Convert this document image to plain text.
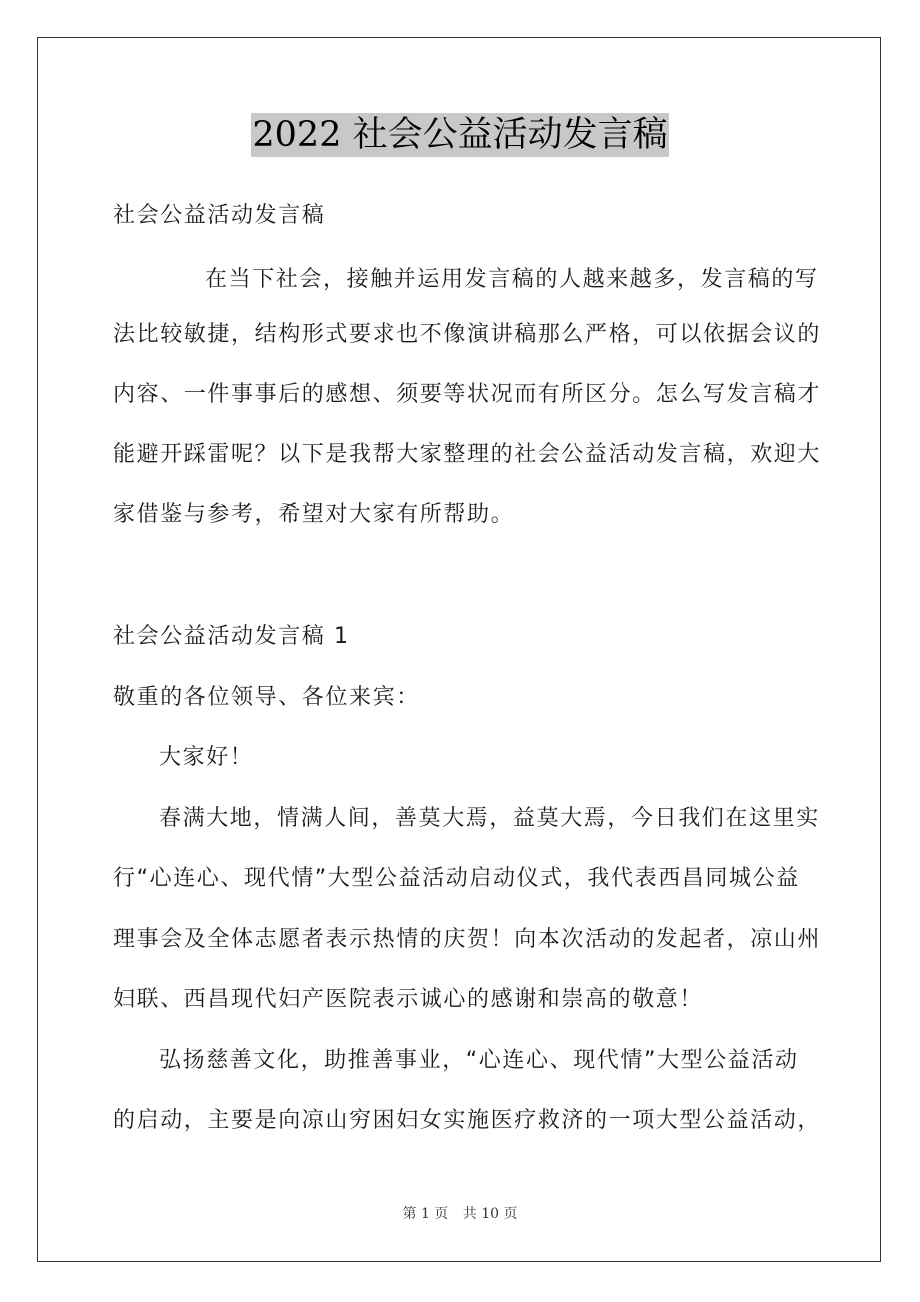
2022 社会公益活动发言稿
社会公益活动发言稿
在当下社会，接触并运用发言稿的人越来越多，发言稿的写
法比较敏捷，结构形式要求也不像演讲稿那么严格，可以依据会议的
内容、一件事事后的感想、须要等状况而有所区分。怎么写发言稿才
能避开踩雷呢？以下是我帮大家整理的社会公益活动发言稿，欢迎大
家借鉴与参考，希望对大家有所帮助。
社会公益活动发言稿 1
敬重的各位领导、各位来宾：
大家好！
春满大地，情满人间，善莫大焉，益莫大焉，今日我们在这里实
行“心连心、现代情”大型公益活动启动仪式，我代表西昌同城公益
理事会及全体志愿者表示热情的庆贺！向本次活动的发起者，凉山州
妇联、西昌现代妇产医院表示诚心的感谢和崇高的敬意！
弘扬慈善文化，助推善事业，“心连心、现代情”大型公益活动
的启动，主要是向凉山穷困妇女实施医疗救济的一项大型公益活动，
第 1 页 共 10 页
